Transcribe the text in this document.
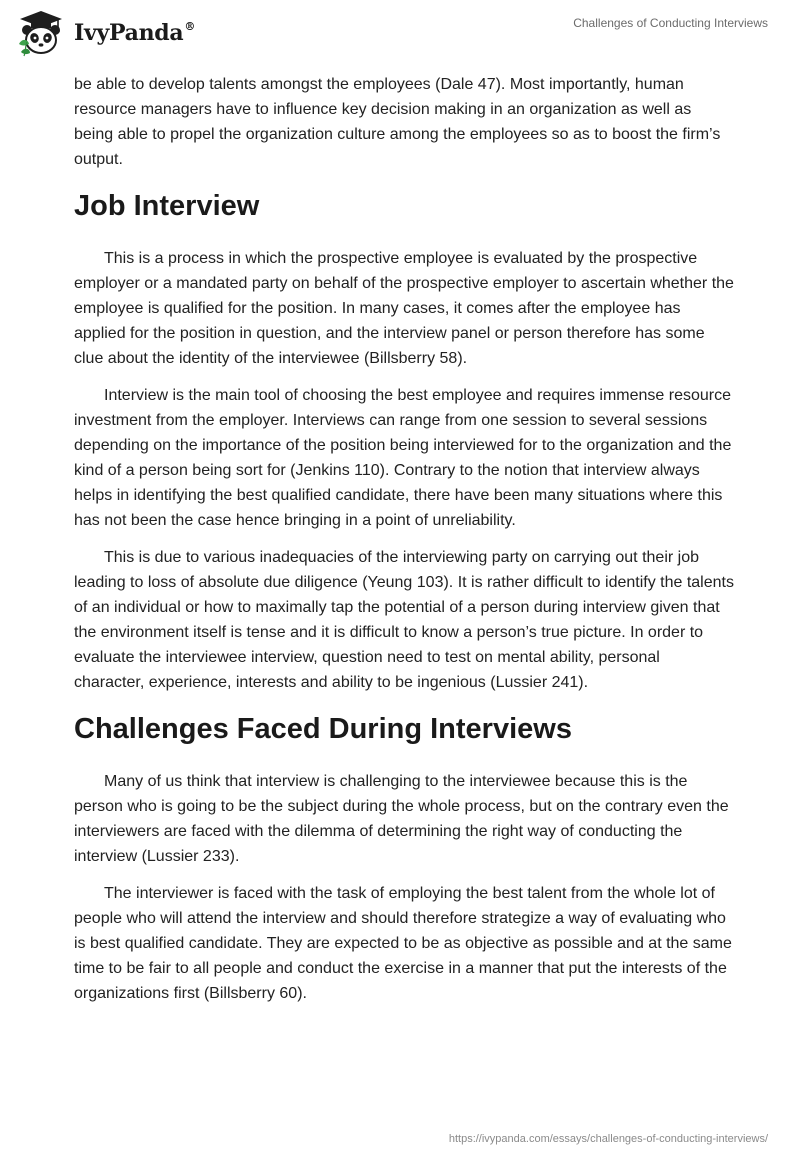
IvyPanda®	Challenges of Conducting Interviews

be able to develop talents amongst the employees (Dale 47). Most importantly, human resource managers have to influence key decision making in an organization as well as being able to propel the organization culture among the employees so as to boost the firm’s output.

Job Interview

This is a process in which the prospective employee is evaluated by the prospective employer or a mandated party on behalf of the prospective employer to ascertain whether the employee is qualified for the position. In many cases, it comes after the employee has applied for the position in question, and the interview panel or person therefore has some clue about the identity of the interviewee (Billsberry 58).

Interview is the main tool of choosing the best employee and requires immense resource investment from the employer. Interviews can range from one session to several sessions depending on the importance of the position being interviewed for to the organization and the kind of a person being sort for (Jenkins 110). Contrary to the notion that interview always helps in identifying the best qualified candidate, there have been many situations where this has not been the case hence bringing in a point of unreliability.

This is due to various inadequacies of the interviewing party on carrying out their job leading to loss of absolute due diligence (Yeung 103). It is rather difficult to identify the talents of an individual or how to maximally tap the potential of a person during interview given that the environment itself is tense and it is difficult to know a person’s true picture. In order to evaluate the interviewee interview, question need to test on mental ability, personal character, experience, interests and ability to be ingenious (Lussier 241).

Challenges Faced During Interviews

Many of us think that interview is challenging to the interviewee because this is the person who is going to be the subject during the whole process, but on the contrary even the interviewers are faced with the dilemma of determining the right way of conducting the interview (Lussier 233).

The interviewer is faced with the task of employing the best talent from the whole lot of people who will attend the interview and should therefore strategize a way of evaluating who is best qualified candidate. They are expected to be as objective as possible and at the same time to be fair to all people and conduct the exercise in a manner that put the interests of the organizations first (Billsberry 60).

https://ivypanda.com/essays/challenges-of-conducting-interviews/
